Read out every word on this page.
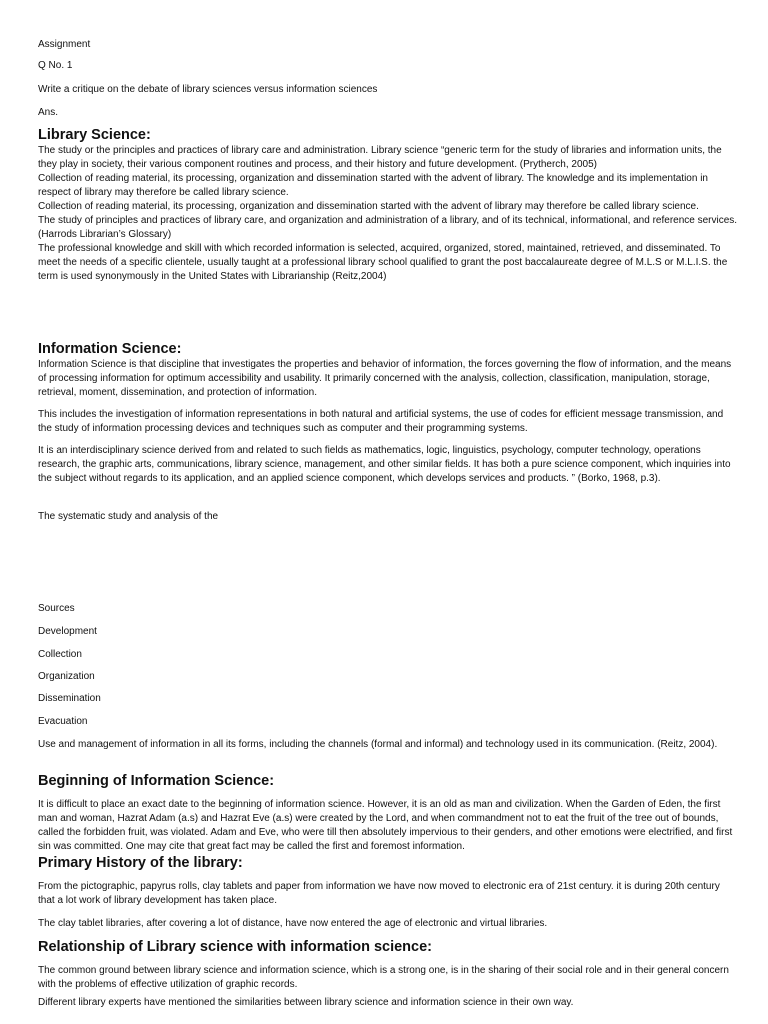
Assignment

Q No. 1

Write a critique on the debate of library sciences versus information sciences

Ans.

Library Science:

The study or the principles and practices of library care and administration. Library science “generic term for the study of libraries and information units, the they play in society, their various component routines and process, and their history and future development. (Prytherch, 2005)
Collection of reading material, its processing, organization and dissemination started with the advent of library. The knowledge and its implementation in respect of library may therefore be called library science.
Collection of reading material, its processing, organization and dissemination started with the advent of library may therefore be called library science.
The study of principles and practices of library care, and organization and administration of a library, and of its technical, informational, and reference services. (Harrods Librarian’s Glossary)
The professional knowledge and skill with which recorded information is selected, acquired, organized, stored, maintained, retrieved, and disseminated. To meet the needs of a specific clientele, usually taught at a professional library school qualified to grant the post baccalaureate degree of M.L.S or M.L.I.S. the term is used synonymously in the United States with Librarianship (Reitz,2004)

Information Science:

Information Science is that discipline that investigates the properties and behavior of information, the forces governing the flow of information, and the means of processing information for optimum accessibility and usability. It primarily concerned with the analysis, collection, classification, manipulation, storage, retrieval, moment, dissemination, and protection of information.

This includes the investigation of information representations in both natural and artificial systems, the use of codes for efficient message transmission, and the study of information processing devices and techniques such as computer and their programming systems.

It is an interdisciplinary science derived from and related to such fields as mathematics, logic, linguistics, psychology, computer technology, operations research, the graphic arts, communications, library science, management, and other similar fields. It has both a pure science component, which inquiries into the subject without regards to its application, and an applied science component, which develops services and products. ” (Borko, 1968, p.3).

The systematic study and analysis of the

Sources

Development

Collection

Organization

Dissemination

Evacuation

Use and management of information in all its forms, including the channels (formal and informal) and technology used in its communication. (Reitz, 2004).

Beginning of Information Science:

It is difficult to place an exact date to the beginning of information science. However, it is an old as man and civilization. When the Garden of Eden, the first man and woman, Hazrat Adam (a.s) and Hazrat Eve (a.s) were created by the Lord, and when commandment not to eat the fruit of the tree out of bounds, called the forbidden fruit, was violated. Adam and Eve, who were till then absolutely impervious to their genders, and other emotions were electrified, and first sin was committed. One may cite that great fact may be called the first and foremost information.

Primary History of the library:

From the pictographic, papyrus rolls, clay tablets and paper from information we have now moved to electronic era of 21st century. it is during 20th century that a lot work of library development has taken place.

The clay tablet libraries, after covering a lot of distance, have now entered the age of electronic and virtual libraries.

Relationship of Library science with information science:

The common ground between library science and information science, which is a strong one, is in the sharing of their social role and in their general concern with the problems of effective utilization of graphic records.

Different library experts have mentioned the similarities between library science and information science in their own way.
